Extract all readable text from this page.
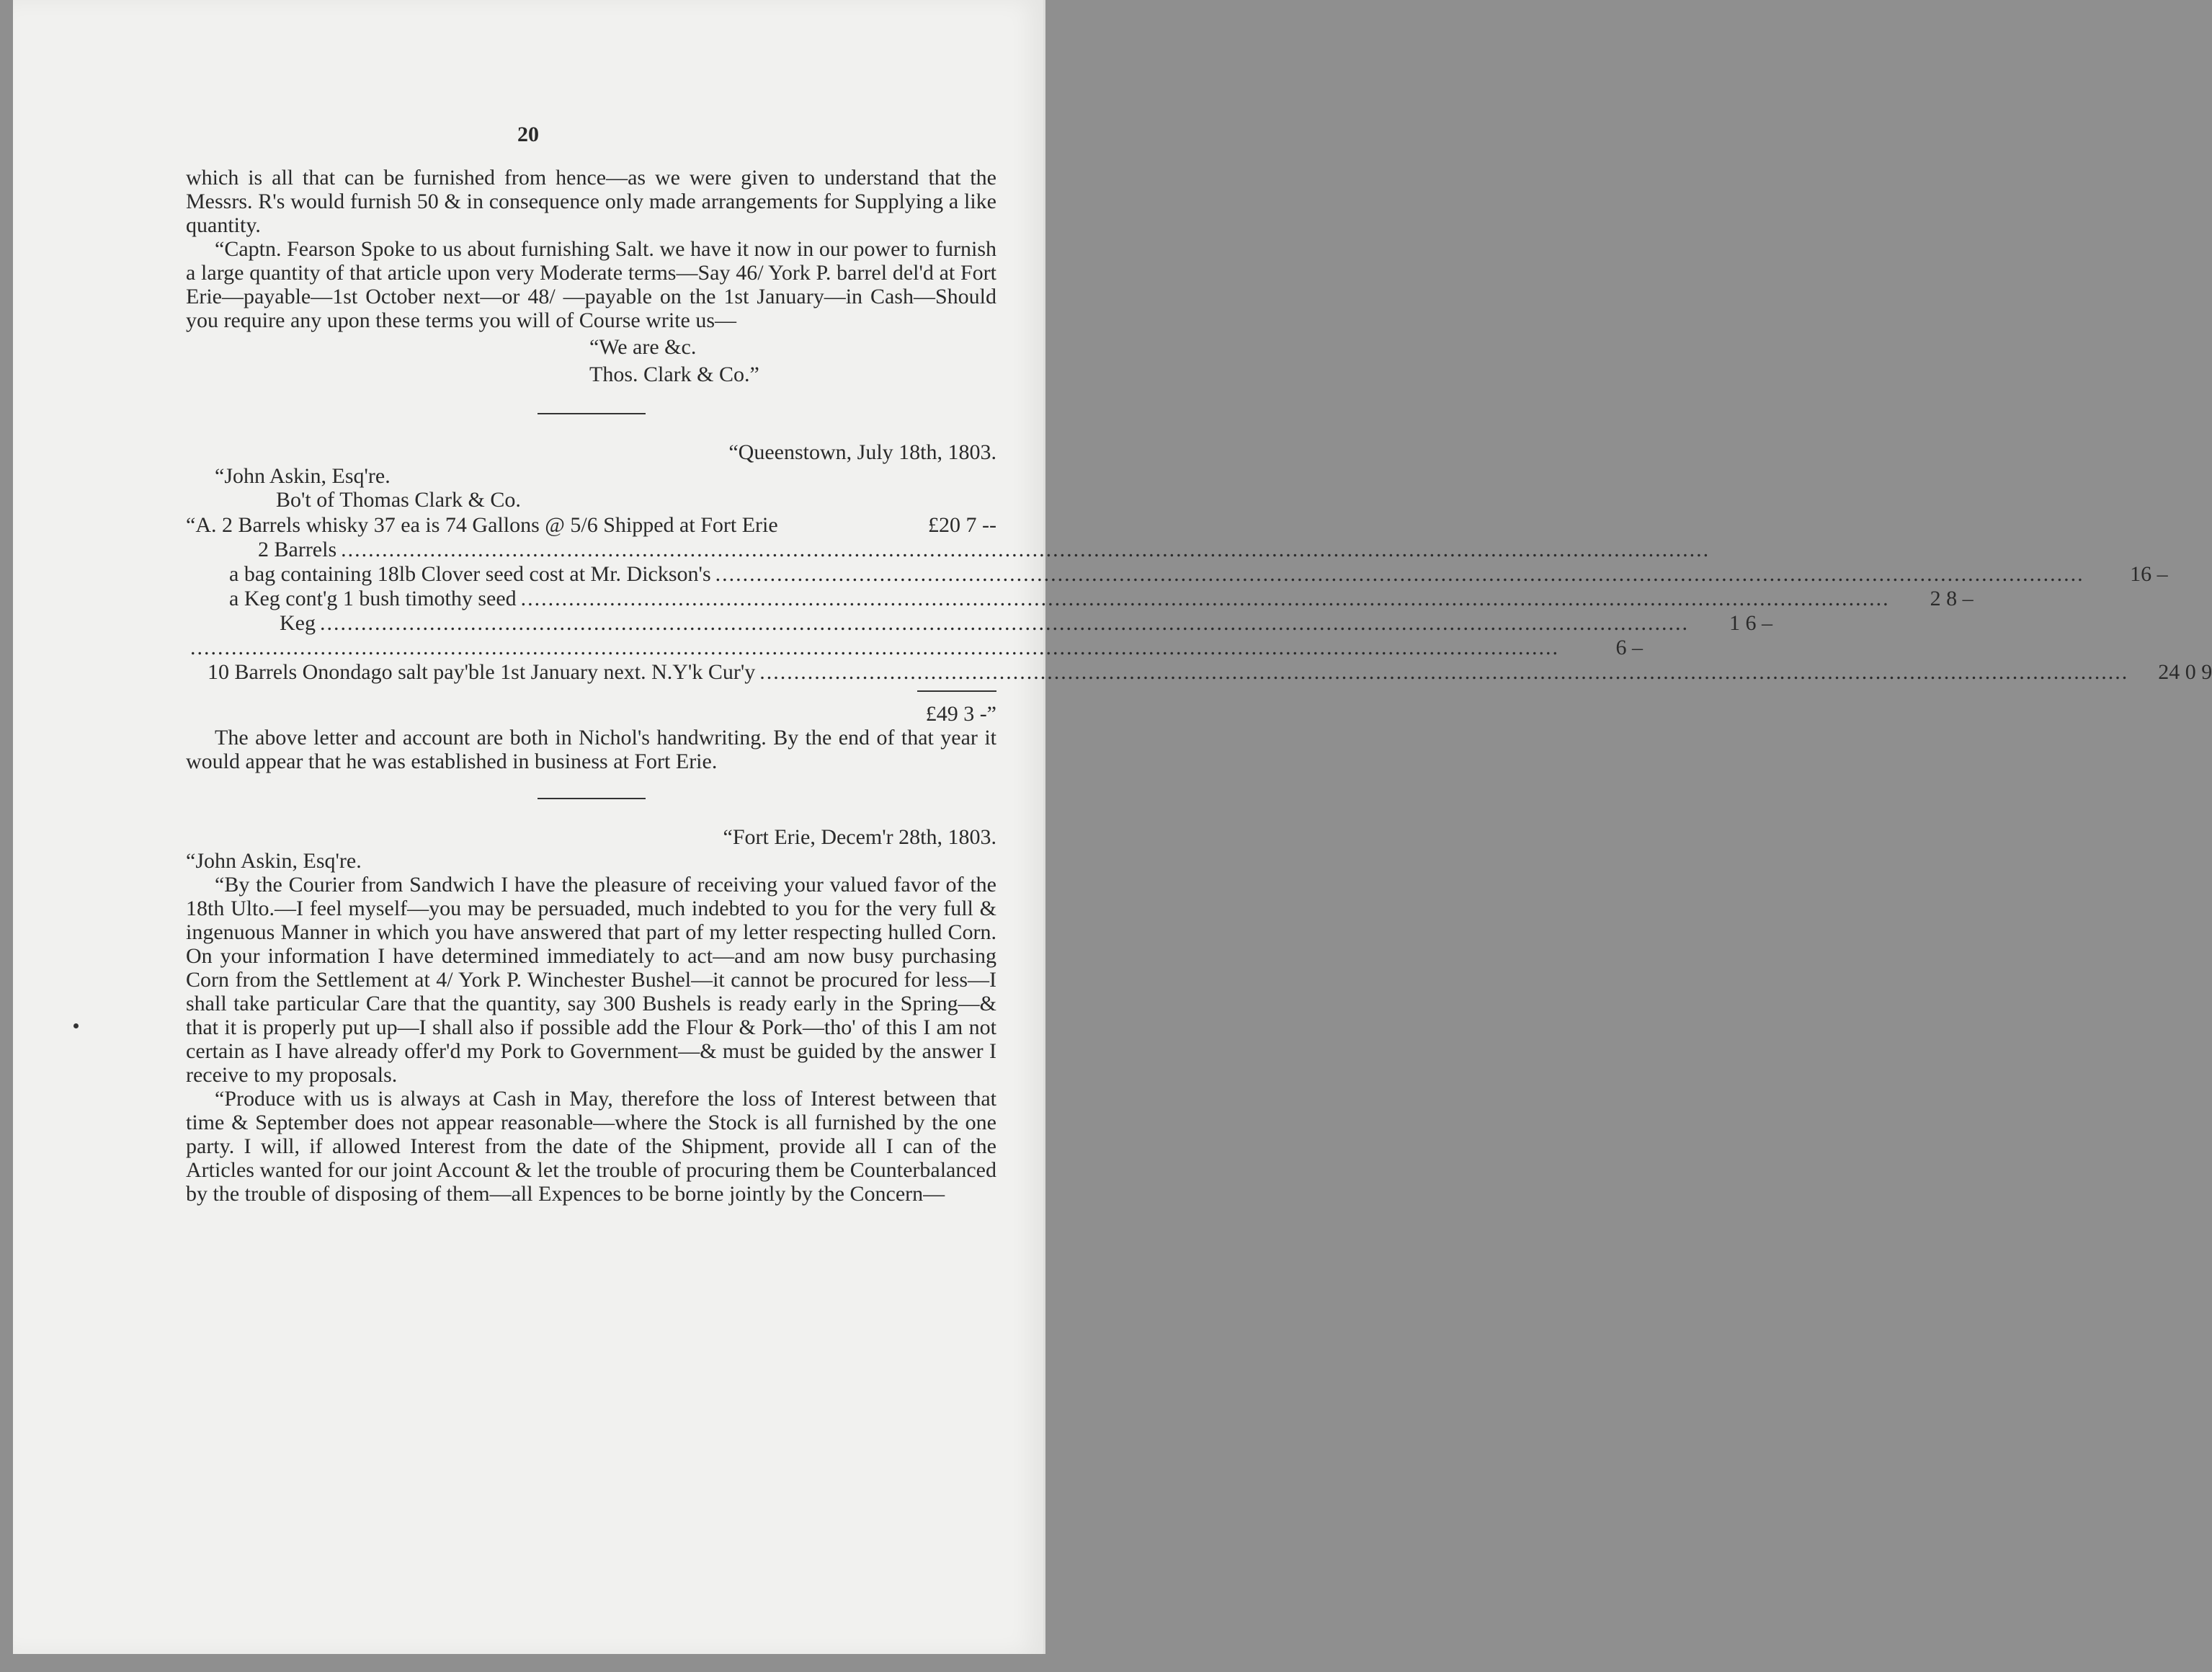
20

which is all that can be furnished from hence—as we were given to understand that the Messrs. R's would furnish 50 & in consequence only made arrangements for Supplying a like quantity.

“Captn. Fearson Spoke to us about furnishing Salt. we have it now in our power to furnish a large quantity of that article upon very Moderate terms—Say 46/ York P. barrel del'd at Fort Erie—payable—1st October next—or 48/ —payable on the 1st January—in Cash—Should you require any upon these terms you will of Course write us—

“We are &c.
Thos. Clark & Co.”
“Queenstown, July 18th, 1803.
“John Askin, Esq're.
Bo't of Thomas Clark & Co.
“A. 2 Barrels whisky 37 ea is 74 Gallons @ 5/6 Shipped at Fort Erie	£20 7 --
2 Barrels ........................................................................................................................................................................................................
a bag containing 18lb Clover seed cost at Mr. Dickson's ........................................................................................................................................................................................................	16 –
a Keg cont'g 1 bush timothy seed ........................................................................................................................................................................................................	2 8 –
Keg ........................................................................................................................................................................................................	1 6 –
........................................................................................................................................................................................................	6 –
10 Barrels Onondago salt pay'ble 1st January next. N.Y'k Cur'y ........................................................................................................................................................................................................	24 0 9
£49 3 -”

The above letter and account are both in Nichol's handwriting. By the end of that year it would appear that he was established in business at Fort Erie.

“Fort Erie, Decem'r 28th, 1803.
“John Askin, Esq're.

“By the Courier from Sandwich I have the pleasure of receiving your valued favor of the 18th Ulto.—I feel myself—you may be persuaded, much indebted to you for the very full & ingenuous Manner in which you have answered that part of my letter respecting hulled Corn. On your information I have determined immediately to act—and am now busy purchasing Corn from the Settlement at 4/ York P. Winchester Bushel—it cannot be procured for less—I shall take particular Care that the quantity, say 300 Bushels is ready early in the Spring—& that it is properly put up—I shall also if possible add the Flour & Pork—tho' of this I am not certain as I have already offer'd my Pork to Government—& must be guided by the answer I receive to my proposals.

“Produce with us is always at Cash in May, therefore the loss of Interest between that time & September does not appear reasonable—where the Stock is all furnished by the one party. I will, if allowed Interest from the date of the Shipment, provide all I can of the Articles wanted for our joint Account & let the trouble of procuring them be Counterbalanced by the trouble of disposing of them—all Expences to be borne jointly by the Concern—
